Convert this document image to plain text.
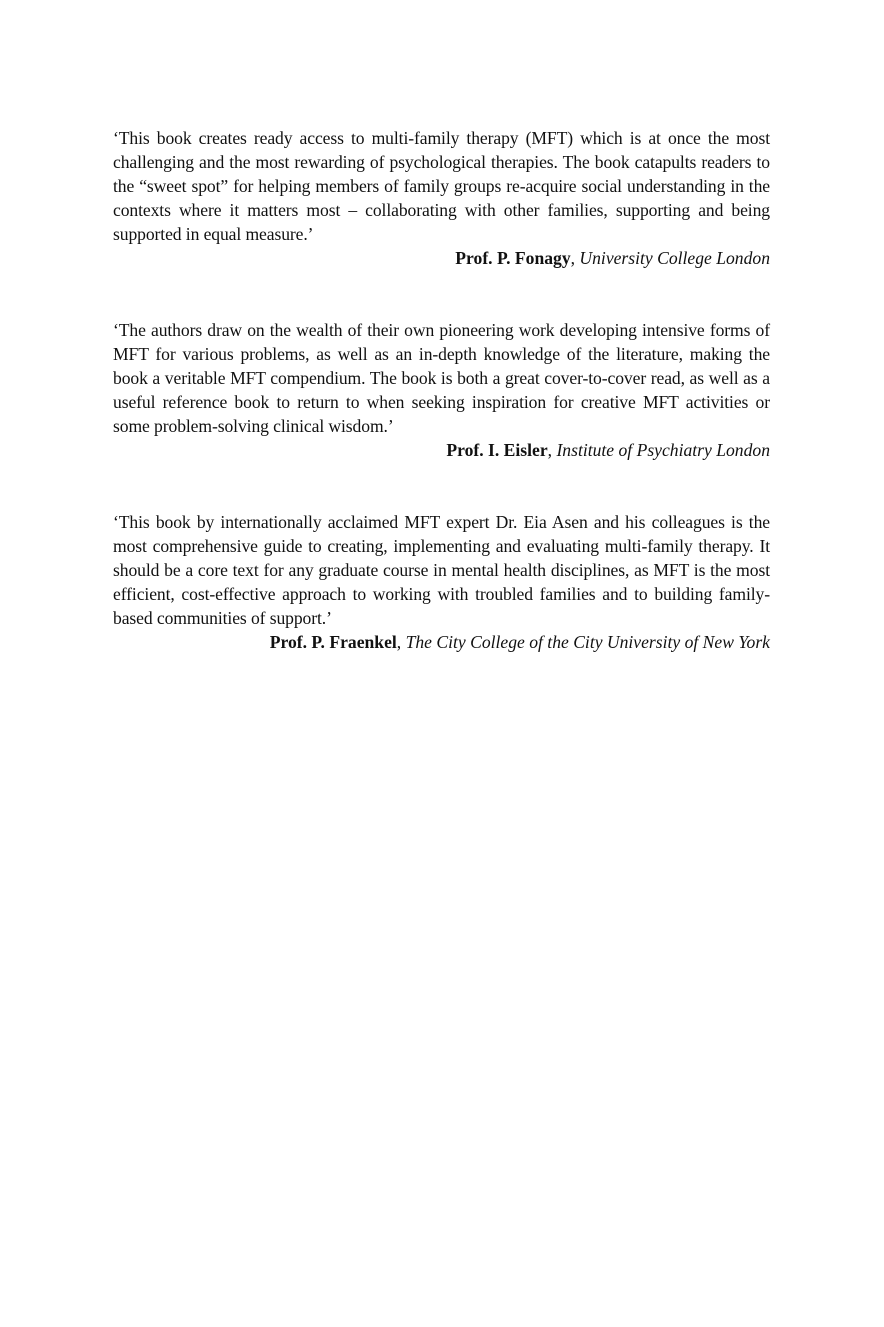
‘This book creates ready access to multi-family therapy (MFT) which is at once the most challenging and the most rewarding of psychological therapies. The book catapults readers to the “sweet spot” for helping members of family groups re-acquire social understanding in the contexts where it matters most – collaborating with other families, supporting and being supported in equal measure.’

Prof. P. Fonagy, University College London

‘The authors draw on the wealth of their own pioneering work developing intensive forms of MFT for various problems, as well as an in-depth knowledge of the literature, making the book a veritable MFT compendium. The book is both a great cover-to-cover read, as well as a useful reference book to return to when seeking inspiration for creative MFT activities or some problem-solving clinical wisdom.’

Prof. I. Eisler, Institute of Psychiatry London

‘This book by internationally acclaimed MFT expert Dr. Eia Asen and his colleagues is the most comprehensive guide to creating, implementing and evaluating multi-family therapy. It should be a core text for any graduate course in mental health disciplines, as MFT is the most efficient, cost-effective approach to working with troubled families and to building family-based communities of support.’

Prof. P. Fraenkel, The City College of the City University of New York
